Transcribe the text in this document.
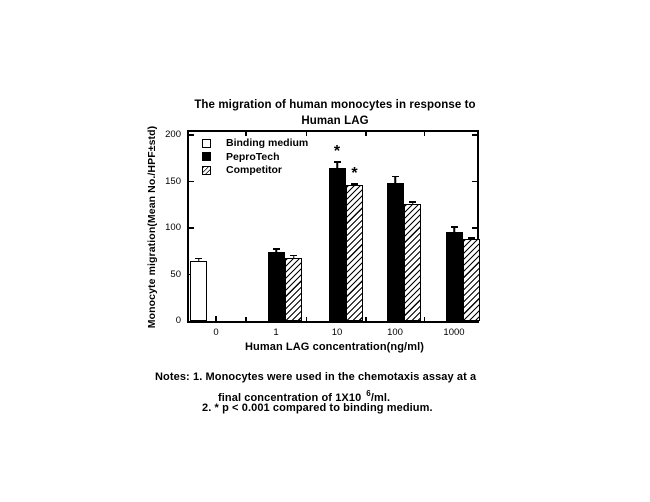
The migration of human monocytes in response to
Human LAG
Monocyte migration(Mean No./HPF±std)	*
*
Binding medium
PeproTech
Competitor
0
50
100
150
200
0	1	10	100	1000
Human LAG concentration(ng/ml)
Notes: 1. Monocytes were used in the chemotaxis assay at a
final concentration of 1X10 $^6$/ml.
2. * p < 0.001 compared to binding medium.
